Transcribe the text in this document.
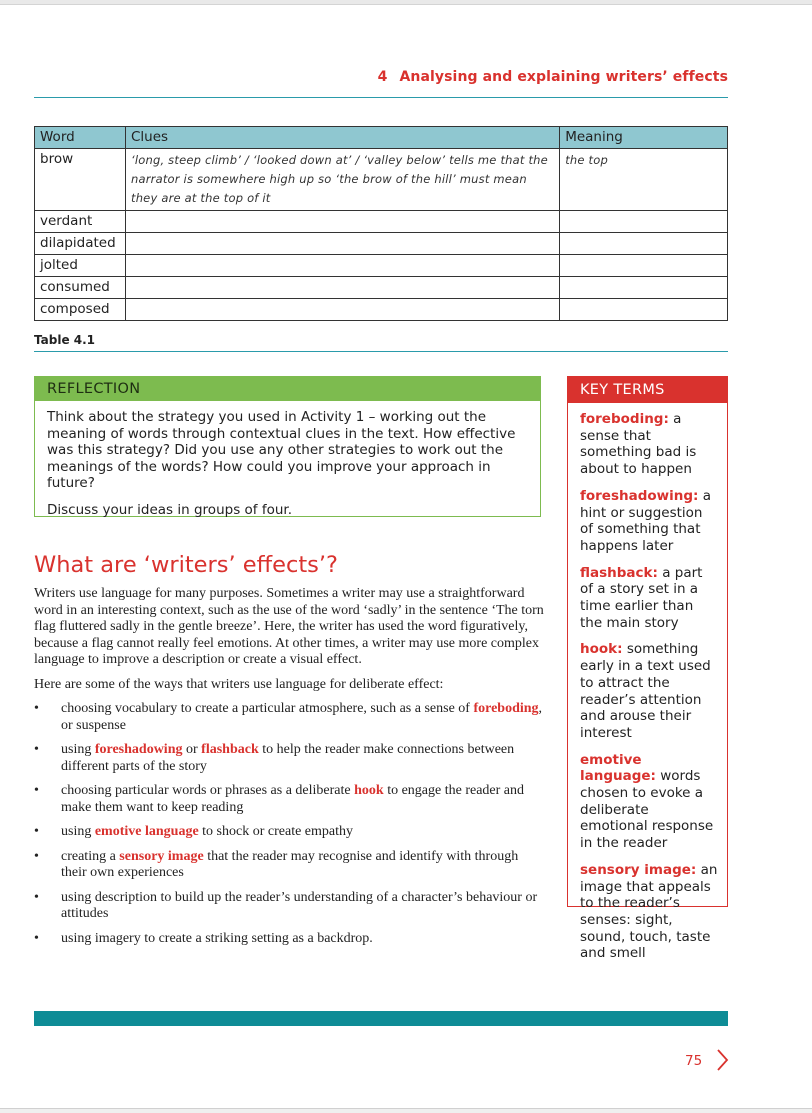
4 Analysing and explaining writers’ effects
Word	Clues	Meaning
brow	‘long, steep climb’ / ‘looked down at’ / ‘valley below’ tells me that the narrator is somewhere high up so ‘the brow of the hill’ must mean they are at the top of it	the top
verdant		
dilapidated		
jolted		
consumed		
composed		
Table 4.1
REFLECTION

Think about the strategy you used in Activity 1 – working out the meaning of words through contextual clues in the text. How effective was this strategy? Did you use any other strategies to work out the meanings of the words? How could you improve your approach in future?

Discuss your ideas in groups of four.

KEY TERMS
foreboding: a sense that something bad is about to happen
foreshadowing: a hint or suggestion of something that happens later
flashback: a part of a story set in a time earlier than the main story
hook: something early in a text used to attract the reader’s attention and arouse their interest
emotive language: words chosen to evoke a deliberate emotional response in the reader
sensory image: an image that appeals to the reader’s senses: sight, sound, touch, taste and smell
What are ‘writers’ effects’?

Writers use language for many purposes. Sometimes a writer may use a straightforward word in an interesting context, such as the use of the word ‘sadly’ in the sentence ‘The torn flag fluttered sadly in the gentle breeze’. Here, the writer has used the word figuratively, because a flag cannot really feel emotions. At other times, a writer may use more complex language to improve a description or create a visual effect.

Here are some of the ways that writers use language for deliberate effect:

• choosing vocabulary to create a particular atmosphere, such as a sense of foreboding, or suspense
• using foreshadowing or flashback to help the reader make connections between different parts of the story
• choosing particular words or phrases as a deliberate hook to engage the reader and make them want to keep reading
• using emotive language to shock or create empathy
• creating a sensory image that the reader may recognise and identify with through their own experiences
• using description to build up the reader’s understanding of a character’s behaviour or attitudes
• using imagery to create a striking setting as a backdrop.
75
